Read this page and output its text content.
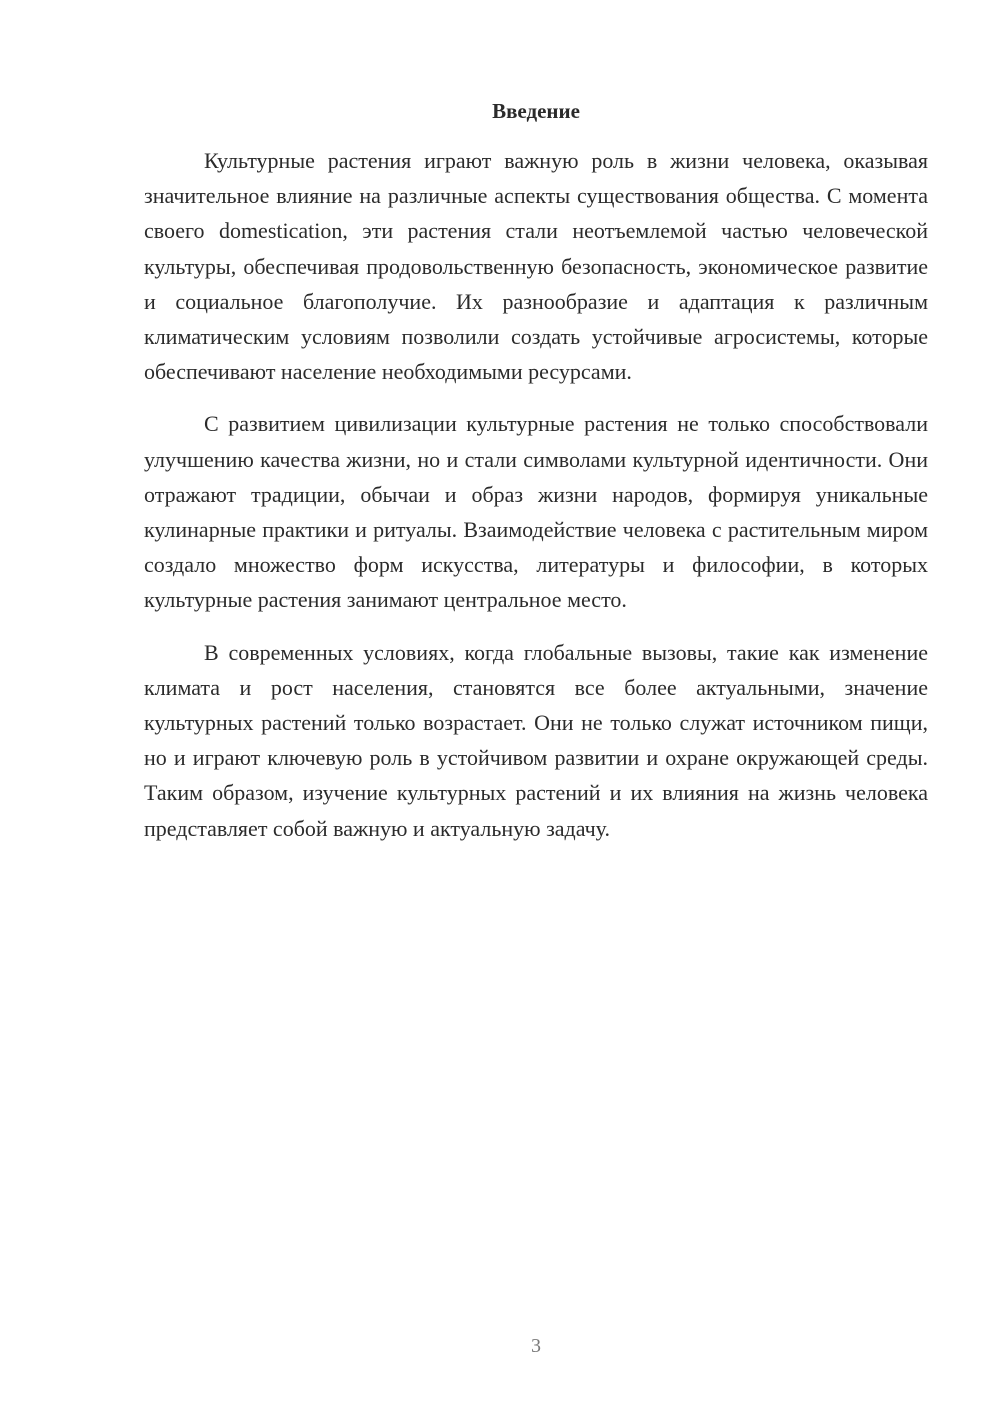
Введение

Культурные растения играют важную роль в жизни человека, оказывая значительное влияние на различные аспекты существования общества. С момента своего domestication, эти растения стали неотъемлемой частью человеческой культуры, обеспечивая продовольственную безопасность, экономическое развитие и социальное благополучие. Их разнообразие и адаптация к различным климатическим условиям позволили создать устойчивые агросистемы, которые обеспечивают население необходимыми ресурсами.

С развитием цивилизации культурные растения не только способствовали улучшению качества жизни, но и стали символами культурной идентичности. Они отражают традиции, обычаи и образ жизни народов, формируя уникальные кулинарные практики и ритуалы. Взаимодействие человека с растительным миром создало множество форм искусства, литературы и философии, в которых культурные растения занимают центральное место.

В современных условиях, когда глобальные вызовы, такие как изменение климата и рост населения, становятся все более актуальными, значение культурных растений только возрастает. Они не только служат источником пищи, но и играют ключевую роль в устойчивом развитии и охране окружающей среды. Таким образом, изучение культурных растений и их влияния на жизнь человека представляет собой важную и актуальную задачу.

3
